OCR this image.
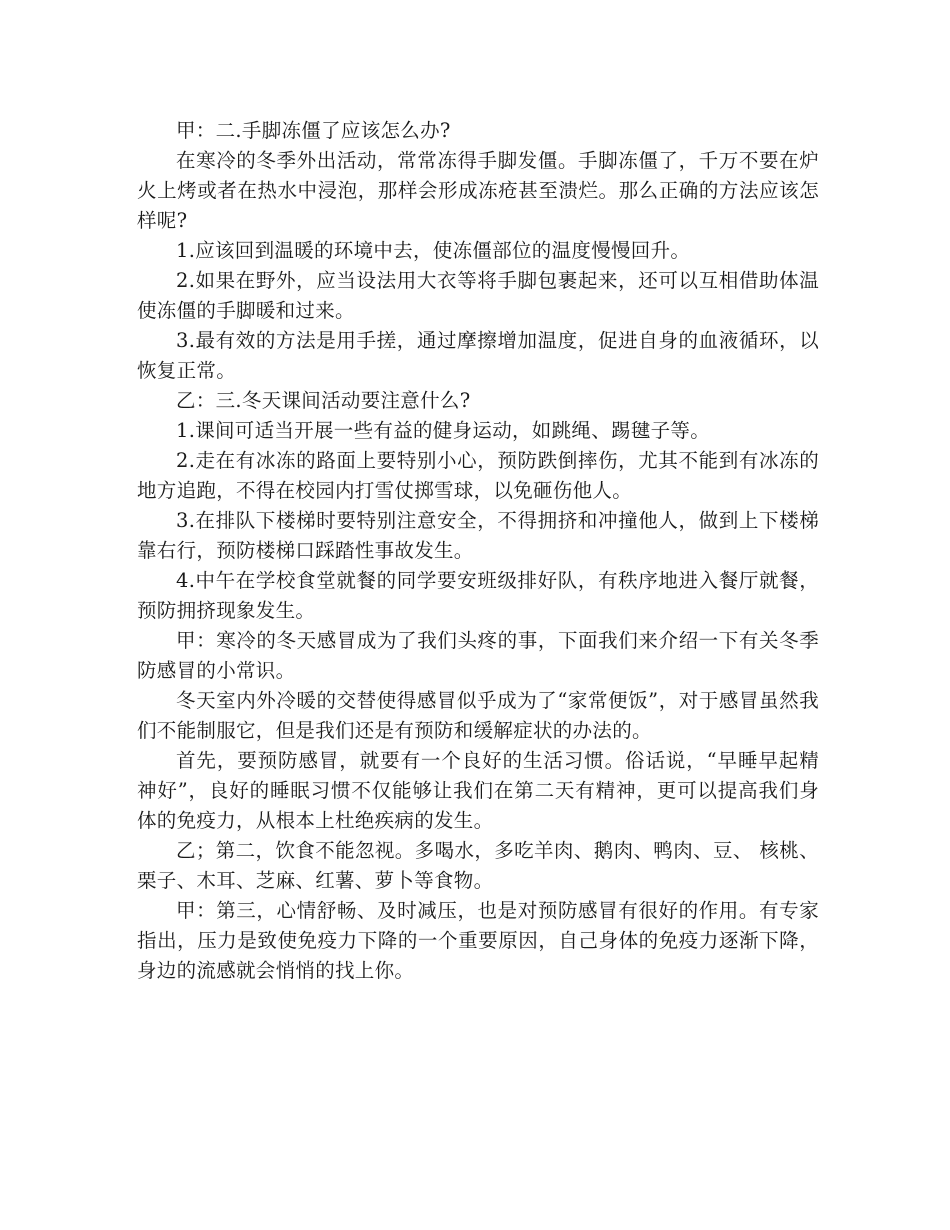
甲：二.手脚冻僵了应该怎么办?

在寒冷的冬季外出活动，常常冻得手脚发僵。手脚冻僵了，千万不要在炉火上烤或者在热水中浸泡，那样会形成冻疮甚至溃烂。那么正确的方法应该怎样呢?

1.应该回到温暖的环境中去，使冻僵部位的温度慢慢回升。

2.如果在野外，应当设法用大衣等将手脚包裹起来，还可以互相借助体温使冻僵的手脚暖和过来。

3.最有效的方法是用手搓，通过摩擦增加温度，促进自身的血液循环，以恢复正常。

乙：三.冬天课间活动要注意什么?

1.课间可适当开展一些有益的健身运动，如跳绳、踢毽子等。

2.走在有冰冻的路面上要特别小心，预防跌倒摔伤，尤其不能到有冰冻的地方追跑，不得在校园内打雪仗掷雪球，以免砸伤他人。

3.在排队下楼梯时要特别注意安全，不得拥挤和冲撞他人，做到上下楼梯靠右行，预防楼梯口踩踏性事故发生。

4.中午在学校食堂就餐的同学要安班级排好队，有秩序地进入餐厅就餐，预防拥挤现象发生。

甲：寒冷的冬天感冒成为了我们头疼的事，下面我们来介绍一下有关冬季防感冒的小常识。

冬天室内外冷暖的交替使得感冒似乎成为了“家常便饭”，对于感冒虽然我们不能制服它，但是我们还是有预防和缓解症状的办法的。

首先，要预防感冒，就要有一个良好的生活习惯。俗话说，“早睡早起精神好”，良好的睡眠习惯不仅能够让我们在第二天有精神，更可以提高我们身体的免疫力，从根本上杜绝疾病的发生。

乙；第二，饮食不能忽视。多喝水，多吃羊肉、鹅肉、鸭肉、豆、 核桃、栗子、木耳、芝麻、红薯、萝卜等食物。

甲：第三，心情舒畅、及时减压，也是对预防感冒有很好的作用。有专家指出，压力是致使免疫力下降的一个重要原因，自己身体的免疫力逐渐下降，身边的流感就会悄悄的找上你。
